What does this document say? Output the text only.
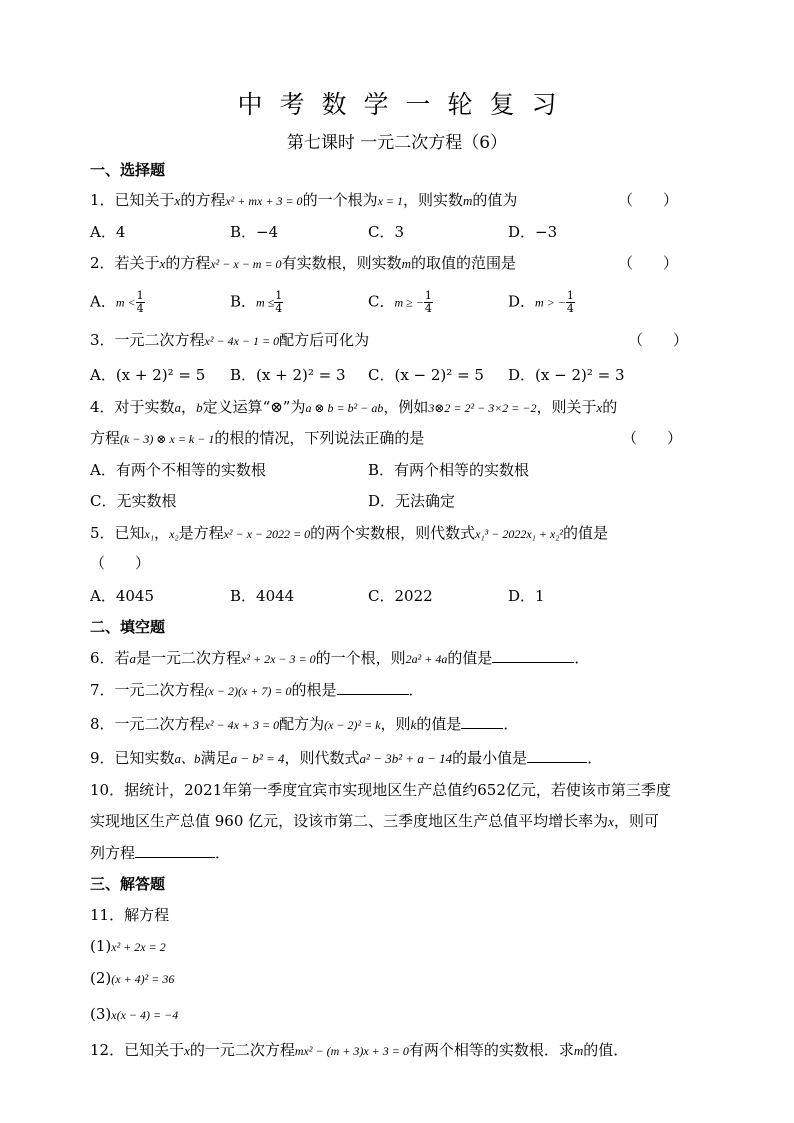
中考数学一轮复习
第七课时 一元二次方程（6）
一、选择题
1．已知关于x的方程x² + mx + 3 = 0的一个根为x = 1，则实数m的值为	（　　）
A．4	B．−4	C．3	D．−3
2．若关于x的方程x² − x − m = 0有实数根，则实数m的取值的范围是	（　　）
A．$m < \frac{1}{4}$	B．$m \le \frac{1}{4}$	C．m ≥ − $\frac{1}{4}$	D．m > − $\frac{1}{4}$
3．一元二次方程x² − 4x − 1 = 0配方后可化为	（　　）
A．(x + 2)² = 5 B．(x + 2)² = 3 C．(x − 2)² = 5 D．(x − 2)² = 3
4．对于实数a，b定义运算“⊗”为a ⊗ b = b² − ab，例如3⊗2 = 2² − 3×2 = −2，则关于x的
方程(k − 3) ⊗ x = k − 1的根的情况，下列说法正确的是	（　　）
A．有两个不相等的实数根	B．有两个相等的实数根
C．无实数根	D．无法确定
5．已知x₁，x₂是方程x² − x − 2022 = 0的两个实数根，则代数式x₁³ − 2022x₁ + x₂²的值是
（　　）
A．4045	B．4044	C．2022	D．1
二、填空题
6．若a是一元二次方程x² + 2x − 3 = 0的一个根，则2a² + 4a的值是	．
7．一元二次方程(x − 2)(x + 7) = 0的根是	．
8．一元二次方程x² − 4x + 3 = 0配方为(x − 2)² = k，则k的值是	．
9．已知实数a、b满足a − b² = 4，则代数式a² − 3b² + a − 14的最小值是	．
10．据统计，2021年第一季度宜宾市实现地区生产总值约652亿元，若使该市第三季度
实现地区生产总值 960 亿元，设该市第二、三季度地区生产总值平均增长率为x，则可
列方程	．
三、解答题
11．解方程
(1)x² + 2x = 2
(2)(x + 4)² = 36
(3)x(x − 4) = −4
12．已知关于x的一元二次方程mx² − (m + 3)x + 3 = 0有两个相等的实数根．求m的值．
